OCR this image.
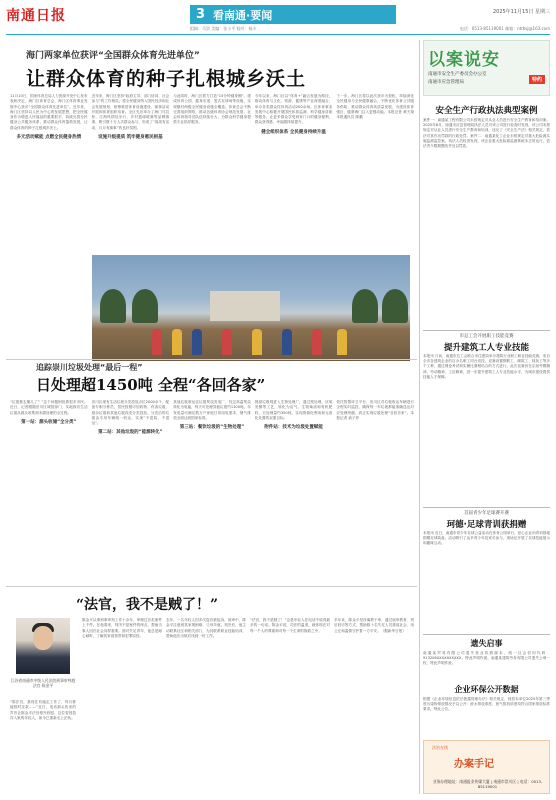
南通日报	3 看南通·要闻	2025年11月15日 星期三
组稿：马崇 美编：张小平 校对：杨丰	电话：0513-85119001 邮箱：ntrbsj@163.com
海门两家单位获评“全国群众体育先进单位”
让群众体育的种子扎根城乡沃土
11月10日，国家体育总局人力资源开发中心发布表彰决定，海门区体育总会、海门区体育事业发展中心获评“全国群众体育先进单位”。近年来，海门区坚持以人民为中心的发展思想，把全民健身作为增进人民福祉的重要抓手，持续完善全民健身公共服务体系，推动群众体育蓬勃发展，让群众体育的种子扎根城乡沃土。
多元活动赋能 点燃全民健身热情
近年来，海门区坚持“政府主导、部门协同、社会参与”的工作格局，将全民健身纳入国民经济和社会发展规划，统筹推进体育设施建设、赛事活动开展和体育组织培育。全区先后举办了海门马拉松、江海风情徒步行、乡村篮球联赛等品牌赛事，吸引数十万人次群众参与，形成了“周周有活动、月月有赛事”的良好氛围。
设施升级提质 筑牢健身惠民根基
与此同时，海门区着力打造“15分钟健身圈”，建成体育公园、健身步道、笼式足球场等设施，实现镇村两级全民健身设施全覆盖。体育总会不断完善组织网络，推动各级体育协会规范发展，社会体育指导员队伍持续壮大，为群众科学健身提供专业指导服务。
今年以来，海门区以“体育+”融合发展为路径，推动体育与文化、旅游、健康等产业深度融合，举办各类群众性体育活动200余场。区体育事业发展中心积极开展国民体质监测、科学健身讲座等服务，让更多群众享受到家门口的健身便利，群众获得感、幸福感持续提升。
健全组织体系 全民健身持续升温
下一步，海门区将以此次获评为契机，持续深化全民健身与全民健康融合，不断优化体育公共服务供给，推动群众体育高质量发展，为建设体育强区、健康海门注入更强动能。本报记者 黄天翔 本报通讯员 陈鹏
近日，海门区“运动健身·你我同行”群众体育活动现场。
追踪崇川垃圾处理“最后一程”
日处理超1450吨 全程“各回各家”
“垃圾都去哪儿了？”这个问题困扰着很多市民。近日，记者跟随崇川区城管部门，实地探访生活垃圾从源头收集到末端处理的全过程。
第一站：源头收储“全分类”
崇川区现有生活垃圾分类投放点位2000余个，配备专职分拣员，居民按照可回收物、有害垃圾、厨余垃圾和其他垃圾四类分类投放。分类后的垃圾由专用车辆统一收运，实现“不混装、不混运”。
第二站：其他垃圾的“能源转化”
其他垃圾被运往垃圾焚烧发电厂，经过高温焚烧转化为电能，每天可处理其他垃圾约1100吨，年发电量可满足数万户家庭日常用电需求，烟气排放全面达到国家标准。
第三站：餐饮垃圾的“生物处理”
餐厨垃圾则进入生物处理厂，通过预处理、厌氧发酵等工艺，转化为沼气、生物柴油和有机肥料，日处理量约350吨，实现资源化利用和无害化处置的双重目标。
附件站：技术为垃圾处置赋能
依托智慧环卫平台，崇川区对垃圾收运车辆进行全程实时监控，确保每一车垃圾都能准确送达对应处理终端，真正实现垃圾处理“各回各家”。本报记者 俞子菲
“法官，我不是贼了！”
江苏省南通市中级人民法院刑事审判庭法官 陈金平
“陈法官，我现在有稳定工作了，每月都能按时还款……”近日，电话那头传来的声音让陈金平法官格外欣慰。这位曾因盗窃入狱的年轻人，如今已重新走上正轨。
陈金平从事刑事审判工作十余年，审理过各类案件上千件。在他看来，判决不是案件的终点，帮助当事人回归社会同样重要。面对失足青年，他总是耐心倾听，了解其家庭背景和犯罪原因。
去年，一名年轻人因多次盗窃被起诉，庭审中，陈金平注意到其家境困难、父母早逝。判决后，他主动联系社区和相关部门，为其联系职业技能培训，帮助他在出狱后找到一份工作。
“法官，我不是贼了！”这是年轻人在电话中说得最多的一句话。陈金平说，司法的温度，就体现在对每一个人的尊重和对每一个生命的挽救之中。
多年来，陈金平坚持寓教于审，通过庭审教育、判后回访等方式，帮助数十名失足人员重返社会，用公正和温情守护着一方平安。（据新华日报）
以案说安
南通市安全生产委员会办公室
南通市应急管理局	特约
安全生产行政执法典型案例
案件一：南通某工程有限公司未按规定对从业人员进行安全生产教育和培训案。2025年8月，南通市应急管理局执法人员对该公司进行检查时发现，该公司未按规定对从业人员进行安全生产教育和培训，违反了《安全生产法》相关规定，依法对其作出罚款的行政处罚。案件二：南通某化工企业未按规定对重大危险源实施监测监控案。执法人员检查发现，该企业重大危险源监测系统未正常运行，依法责令限期整改并处以罚款。
市总工会开展职工技能竞赛
提升建筑工人专业技能
本报讯 日前，南通市总工会联合市住建局举办建筑行业职工职业技能竞赛，来自全市各建筑企业的百余名职工同台竞技。竞赛设置钢筋工、砌筑工、抹灰工等多个工种，通过理论考试和实操比赛相结合的方式进行。此次竞赛旨在弘扬劳模精神、劳动精神、工匠精神，进一步提升建筑工人专业技能水平，为城市建设提供技能人才保障。
首届青少年足球赛开赛
珂德·足球青训获捐赠
本报讯 近日，南通市青少年足球公益活动在体育公园举行，爱心企业向青训基地捐赠足球装备。活动吸引了众多青少年及家长参与，现场还开展了足球技能展示和趣味互动。
遗失启事
南通某贸易有限公司遗失营业执照副本，统一社会信用代码：913206XXXXXXXXXX，特此声明作废。南通某建筑劳务有限公司遗失公章一枚，特此声明作废。
企业环保公开数据
根据《企业环境信息依法披露管理办法》相关规定，现将本单位2025年第三季度污染物排放情况予以公开：废水排放浓度、废气排放浓度均符合国家排放标准要求，特此公告。
法治在线
办案手记
业务办理地址：南通报业传媒大厦 | 南通市崇川区 | 电话：0513-85119001
